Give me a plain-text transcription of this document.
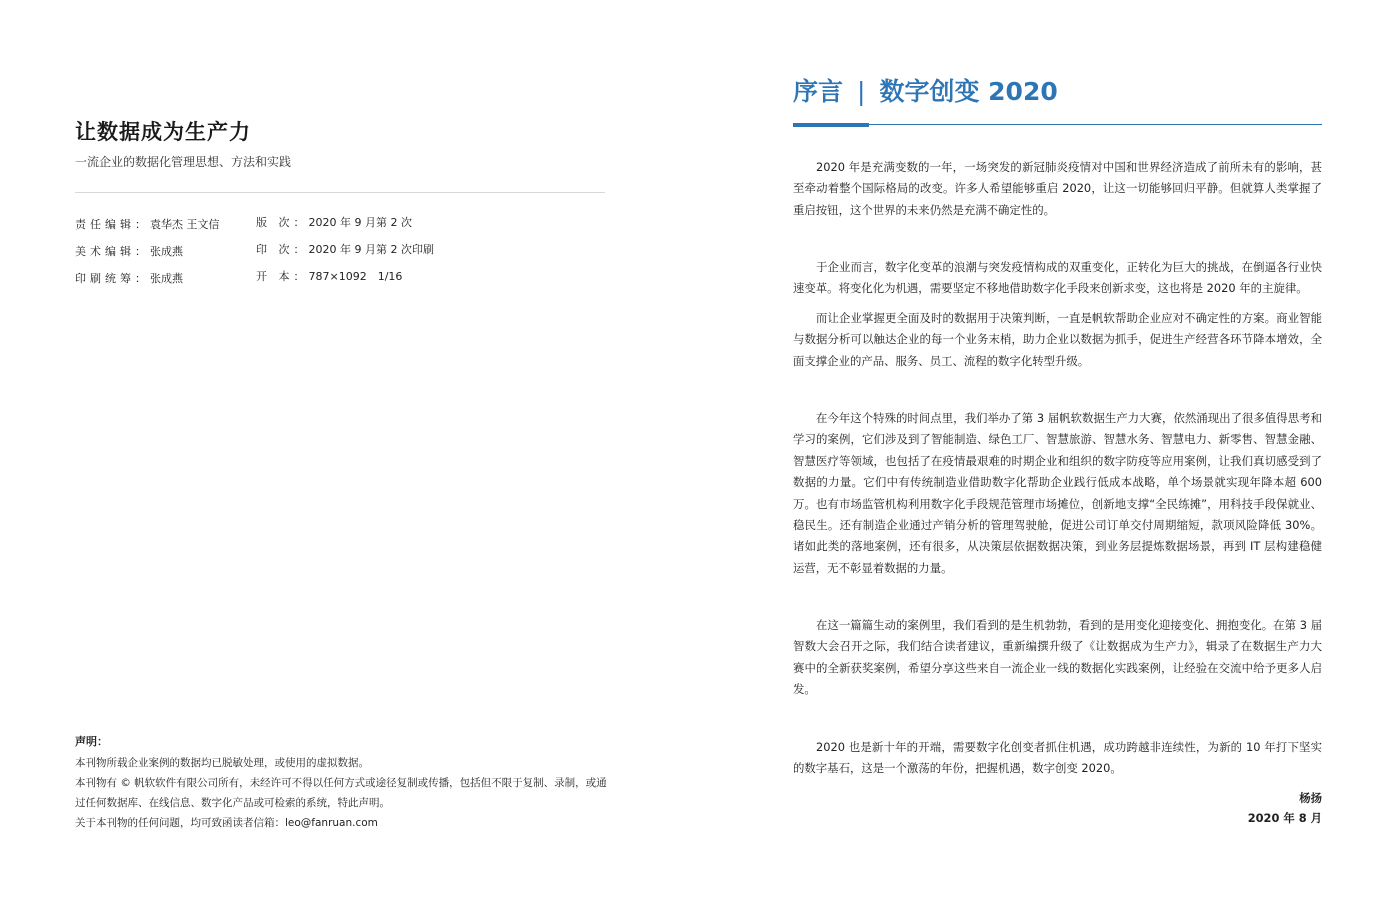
让数据成为生产力
一流企业的数据化管理思想、方法和实践
责任编辑：袁华杰 王文信
美术编辑：张成燕
印刷统筹：张成燕
版 次：2020 年 9 月第 2 次
印 次：2020 年 9 月第 2 次印刷
开 本：787×1092　1/16
声明：
本刊物所载企业案例的数据均已脱敏处理，或使用的虚拟数据。
本刊物有 © 帆软软件有限公司所有，未经许可不得以任何方式或途径复制或传播，包括但不限于复制、录制，或通
过任何数据库、在线信息、数字化产品或可检索的系统，特此声明。
关于本刊物的任何问题，均可致函读者信箱：leo@fanruan.com
序言 | 数字创变 2020

2020 年是充满变数的一年，一场突发的新冠肺炎疫情对中国和世界经济造成了前所未有的影响，甚至牵动着整个国际格局的改变。许多人希望能够重启 2020，让这一切能够回归平静。但就算人类掌握了重启按钮，这个世界的未来仍然是充满不确定性的。

于企业而言，数字化变革的浪潮与突发疫情构成的双重变化，正转化为巨大的挑战，在倒逼各行业快速变革。将变化化为机遇，需要坚定不移地借助数字化手段来创新求变，这也将是 2020 年的主旋律。

而让企业掌握更全面及时的数据用于决策判断，一直是帆软帮助企业应对不确定性的方案。商业智能与数据分析可以触达企业的每一个业务末梢，助力企业以数据为抓手，促进生产经营各环节降本增效，全面支撑企业的产品、服务、员工、流程的数字化转型升级。

在今年这个特殊的时间点里，我们举办了第 3 届帆软数据生产力大赛，依然涌现出了很多值得思考和学习的案例，它们涉及到了智能制造、绿色工厂、智慧旅游、智慧水务、智慧电力、新零售、智慧金融、智慧医疗等领域，也包括了在疫情最艰难的时期企业和组织的数字防疫等应用案例，让我们真切感受到了数据的力量。它们中有传统制造业借助数字化帮助企业践行低成本战略，单个场景就实现年降本超 600 万。也有市场监管机构利用数字化手段规范管理市场摊位，创新地支撑“全民练摊”，用科技手段保就业、稳民生。还有制造企业通过产销分析的管理驾驶舱，促进公司订单交付周期缩短，款项风险降低 30%。诸如此类的落地案例，还有很多，从决策层依据数据决策，到业务层提炼数据场景，再到 IT 层构建稳健运营，无不彰显着数据的力量。

在这一篇篇生动的案例里，我们看到的是生机勃勃，看到的是用变化迎接变化、拥抱变化。在第 3 届智数大会召开之际，我们结合读者建议，重新编撰升级了《让数据成为生产力》，辑录了在数据生产力大赛中的全新获奖案例，希望分享这些来自一流企业一线的数据化实践案例，让经验在交流中给予更多人启发。

2020 也是新十年的开端，需要数字化创变者抓住机遇，成功跨越非连续性，为新的 10 年打下坚实的数字基石，这是一个激荡的年份，把握机遇，数字创变 2020。

杨扬
2020 年 8 月
